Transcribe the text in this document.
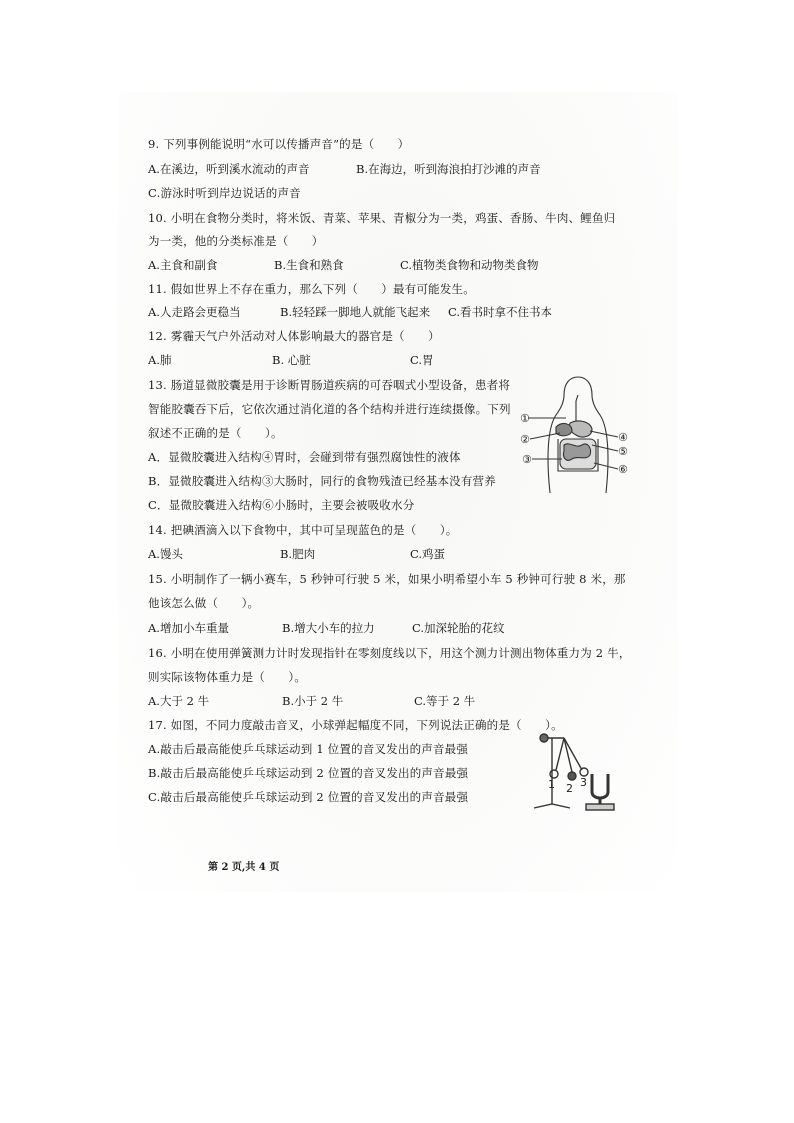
9. 下列事例能说明“水可以传播声音”的是（　　）
A.在溪边，听到溪水流动的声音	B.在海边，听到海浪拍打沙滩的声音
C.游泳时听到岸边说话的声音
10. 小明在食物分类时，将米饭、青菜、苹果、青椒分为一类，鸡蛋、香肠、牛肉、鲤鱼归
为一类，他的分类标准是（　　）
A.主食和副食	B.生食和熟食	C.植物类食物和动物类食物
11. 假如世界上不存在重力，那么下列（　　）最有可能发生。
A.人走路会更稳当	B.轻轻踩一脚地人就能飞起来 C.看书时拿不住书本
12. 雾霾天气户外活动对人体影响最大的器官是（　　）
A.肺	B. 心脏	C.胃
13. 肠道显微胶囊是用于诊断胃肠道疾病的可吞咽式小型设备，患者将
智能胶囊吞下后，它依次通过消化道的各个结构并进行连续摄像。下列
叙述不正确的是（　　）。
A．显微胶囊进入结构④胃时，会碰到带有强烈腐蚀性的液体
B．显微胶囊进入结构③大肠时，同行的食物残渣已经基本没有营养
C．显微胶囊进入结构⑥小肠时，主要会被吸收水分
14. 把碘酒滴入以下食物中，其中可呈现蓝色的是（　　）。
A.馒头	B.肥肉	C.鸡蛋
15. 小明制作了一辆小赛车，5 秒钟可行驶 5 米，如果小明希望小车 5 秒钟可行驶 8 米，那
他该怎么做（　　）。
A.增加小车重量	B.增大小车的拉力	C.加深轮胎的花纹
16. 小明在使用弹簧测力计时发现指针在零刻度线以下，用这个测力计测出物体重力为 2 牛，
则实际该物体重力是（　　）。
A.大于 2 牛	B.小于 2 牛	C.等于 2 牛
17. 如图，不同力度敲击音叉，小球弹起幅度不同，下列说法正确的是（　　）。
A.敲击后最高能使乒乓球运动到 1 位置的音叉发出的声音最强
B.敲击后最高能使乒乓球运动到 2 位置的音叉发出的声音最强
C.敲击后最高能使乒乓球运动到 2 位置的音叉发出的声音最强
①
②
③
④
⑤
⑥
1 2 3
第 2 页,共 4 页
